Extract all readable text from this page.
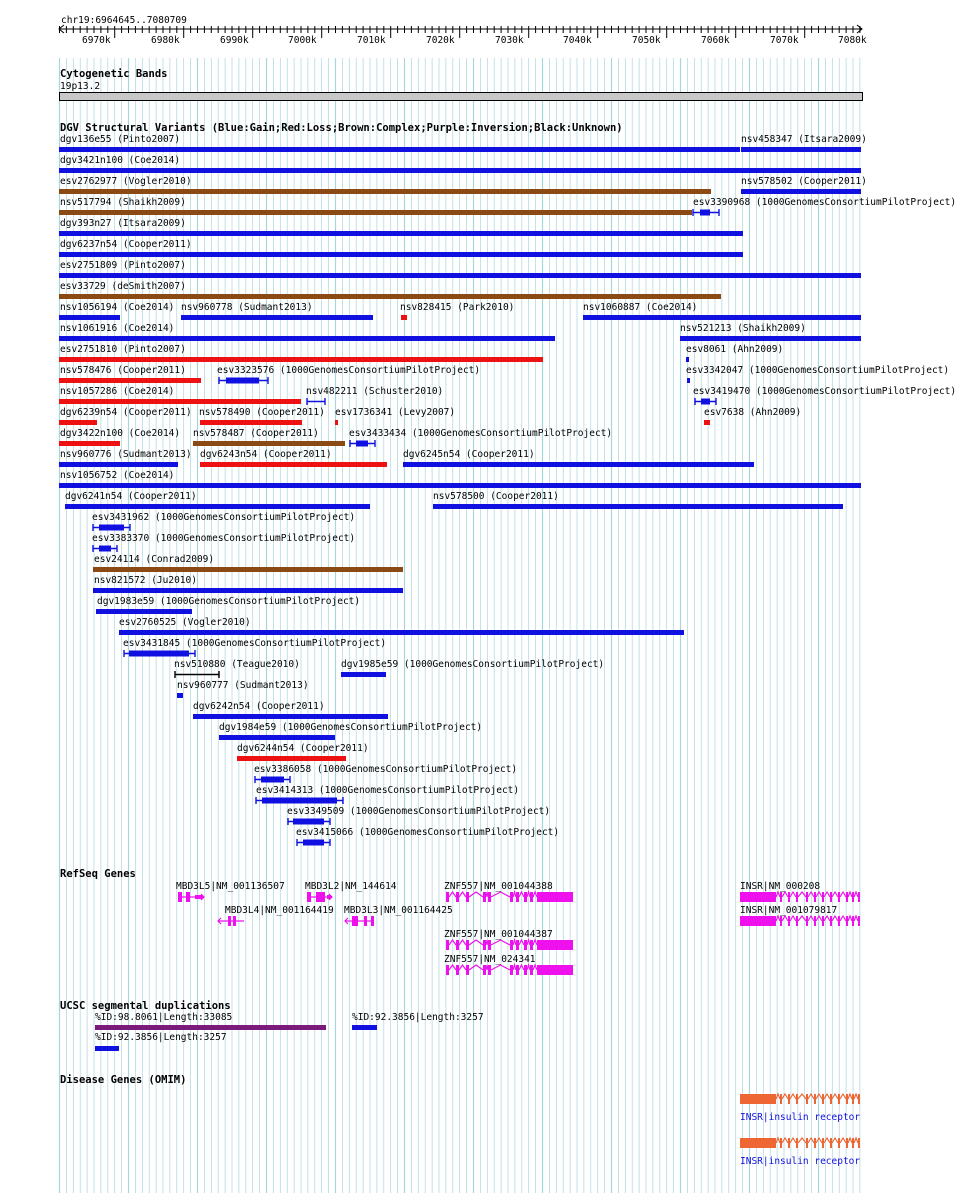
chr19:6964645..7080709
6970k	6980k	6990k	7000k	7010k	7020k	7030k	7040k	7050k	7060k	7070k	7080k
Cytogenetic Bands
19p13.2
DGV Structural Variants (Blue:Gain;Red:Loss;Brown:Complex;Purple:Inversion;Black:Unknown)
dgv136e55 (Pinto2007)	nsv458347 (Itsara2009)
dgv3421n100 (Coe2014)
esv2762977 (Vogler2010)	nsv578502 (Cooper2011)
nsv517794 (Shaikh2009)	esv3390968 (1000GenomesConsortiumPilotProject)
dgv393n27 (Itsara2009)
dgv6237n54 (Cooper2011)
esv2751809 (Pinto2007)
esv33729 (deSmith2007)
nsv1056194 (Coe2014) nsv960778 (Sudmant2013)	nsv828415 (Park2010)	nsv1060887 (Coe2014)
nsv1061916 (Coe2014)	nsv521213 (Shaikh2009)
esv2751810 (Pinto2007)	esv8061 (Ahn2009)
nsv578476 (Cooper2011)	esv3323576 (1000GenomesConsortiumPilotProject)	esv3342047 (1000GenomesConsortiumPilotProject)
nsv1057286 (Coe2014)	nsv482211 (Schuster2010)	esv3419470 (1000GenomesConsortiumPilotProject)
dgv6239n54 (Cooper2011) nsv578490 (Cooper2011) esv1736341 (Levy2007)	esv7638 (Ahn2009)
dgv3422n100 (Coe2014) nsv578487 (Cooper2011)	esv3433434 (1000GenomesConsortiumPilotProject)
nsv960776 (Sudmant2013) dgv6243n54 (Cooper2011)	dgv6245n54 (Cooper2011)
nsv1056752 (Coe2014)
dgv6241n54 (Cooper2011)	nsv578500 (Cooper2011)
esv3431962 (1000GenomesConsortiumPilotProject)
esv3383370 (1000GenomesConsortiumPilotProject)
esv24114 (Conrad2009)
nsv821572 (Ju2010)
dgv1983e59 (1000GenomesConsortiumPilotProject)
esv2760525 (Vogler2010)
esv3431845 (1000GenomesConsortiumPilotProject)
nsv510880 (Teague2010)	dgv1985e59 (1000GenomesConsortiumPilotProject)
nsv960777 (Sudmant2013)
dgv6242n54 (Cooper2011)
dgv1984e59 (1000GenomesConsortiumPilotProject)
dgv6244n54 (Cooper2011)
esv3386058 (1000GenomesConsortiumPilotProject)
esv3414313 (1000GenomesConsortiumPilotProject)
esv3349509 (1000GenomesConsortiumPilotProject)
esv3415066 (1000GenomesConsortiumPilotProject)
RefSeq Genes
MBD3L5|NM_001136507 MBD3L2|NM_144614	ZNF557|NM_001044388	INSR|NM_000208
MBD3L4|NM_001164419 MBD3L3|NM_001164425	INSR|NM_001079817
ZNF557|NM_001044387
ZNF557|NM_024341
UCSC segmental duplications
%ID:98.8061|Length:33085	%ID:92.3856|Length:3257
%ID:92.3856|Length:3257
Disease Genes (OMIM)
INSR|insulin receptor
INSR|insulin receptor
